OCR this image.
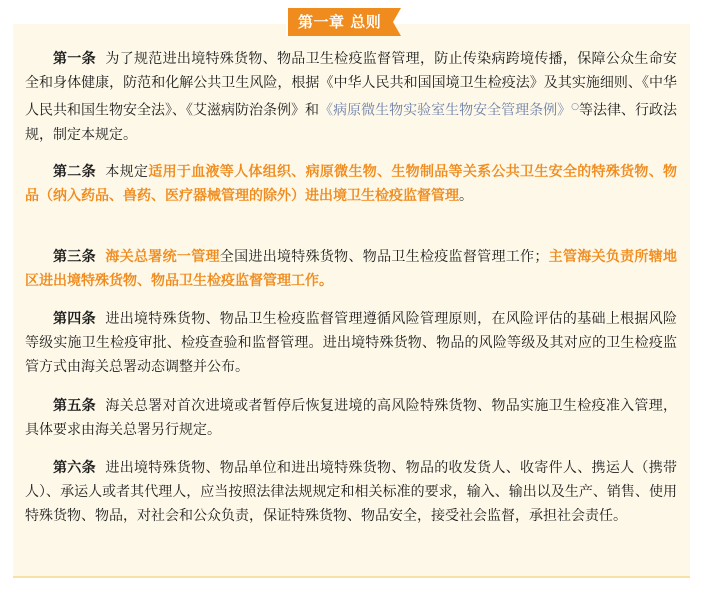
第一章 总则

第一条 为了规范进出境特殊货物、物品卫生检疫监督管理，防止传染病跨境传播，保障公众生命安全和身体健康，防范和化解公共卫生风险，根据《中华人民共和国国境卫生检疫法》及其实施细则、《中华人民共和国生物安全法》、《艾滋病防治条例》和《病原微生物实验室生物安全管理条例》○等法律、行政法规，制定本规定。

第二条 本规定适用于血液等人体组织、病原微生物、生物制品等关系公共卫生安全的特殊货物、物品（纳入药品、兽药、医疗器械管理的除外）进出境卫生检疫监督管理。

第三条 海关总署统一管理全国进出境特殊货物、物品卫生检疫监督管理工作；主管海关负责所辖地区进出境特殊货物、物品卫生检疫监督管理工作。

第四条 进出境特殊货物、物品卫生检疫监督管理遵循风险管理原则，在风险评估的基础上根据风险等级实施卫生检疫审批、检疫查验和监督管理。进出境特殊货物、物品的风险等级及其对应的卫生检疫监管方式由海关总署动态调整并公布。

第五条 海关总署对首次进境或者暂停后恢复进境的高风险特殊货物、物品实施卫生检疫准入管理，具体要求由海关总署另行规定。

第六条 进出境特殊货物、物品单位和进出境特殊货物、物品的收发货人、收寄件人、携运人（携带人）、承运人或者其代理人，应当按照法律法规规定和相关标准的要求，输入、输出以及生产、销售、使用特殊货物、物品，对社会和公众负责，保证特殊货物、物品安全，接受社会监督，承担社会责任。
